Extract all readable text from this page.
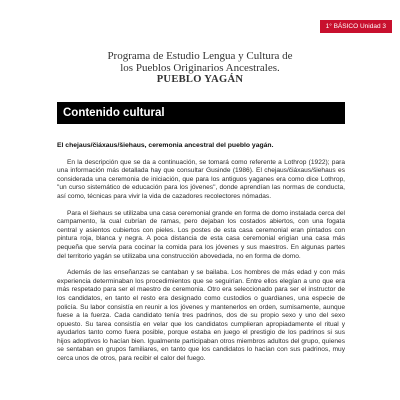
1° BÁSICO Unidad 3
Programa de Estudio Lengua y Cultura de
los Pueblos Originarios Ancestrales.
PUEBLO YAGÁN
Contenido cultural

El chejaus/čiáxaus/šiehaus, ceremonia ancestral del pueblo yagán.

En la descripción que se da a continuación, se tomará como referente a Lothrop (1922); para una información más detallada hay que consultar Gusinde (1986). El chejaus/čiáxaus/šiehaus es considerada una ceremonia de iniciación, que para los antiguos yaganes era como dice Lothrop, "un curso sistemático de educación para los jóvenes", donde aprendían las normas de conducta, así como, técnicas para vivir la vida de cazadores recolectores nómadas.

Para el šiehaus se utilizaba una casa ceremonial grande en forma de domo instalada cerca del campamento, la cual cubrían de ramas, pero dejaban los costados abiertos, con una fogata central y asientos cubiertos con pieles. Los postes de esta casa ceremonial eran pintados con pintura roja, blanca y negra. A poca distancia de esta casa ceremonial erigían una casa más pequeña que servía para cocinar la comida para los jóvenes y sus maestros. En algunas partes del territorio yagán se utilizaba una construcción abovedada, no en forma de domo.

Además de las enseñanzas se cantaban y se bailaba. Los hombres de más edad y con más experiencia determinaban los procedimientos que se seguirían. Entre ellos elegían a uno que era más respetado para ser el maestro de ceremonia. Otro era seleccionado para ser el instructor de los candidatos, en tanto el resto era designado como custodios o guardianes, una especie de policía. Su labor consistía en reunir a los jóvenes y mantenerlos en orden, sumisamente, aunque fuese a la fuerza. Cada candidato tenía tres padrinos, dos de su propio sexo y uno del sexo opuesto. Su tarea consistía en velar que los candidatos cumplieran apropiadamente el ritual y ayudarlos tanto como fuera posible, porque estaba en juego el prestigio de los padrinos si sus hijos adoptivos lo hacían bien. Igualmente participaban otros miembros adultos del grupo, quienes se sentaban en grupos familiares, en tanto que los candidatos lo hacían con sus padrinos, muy cerca unos de otros, para recibir el calor del fuego.
